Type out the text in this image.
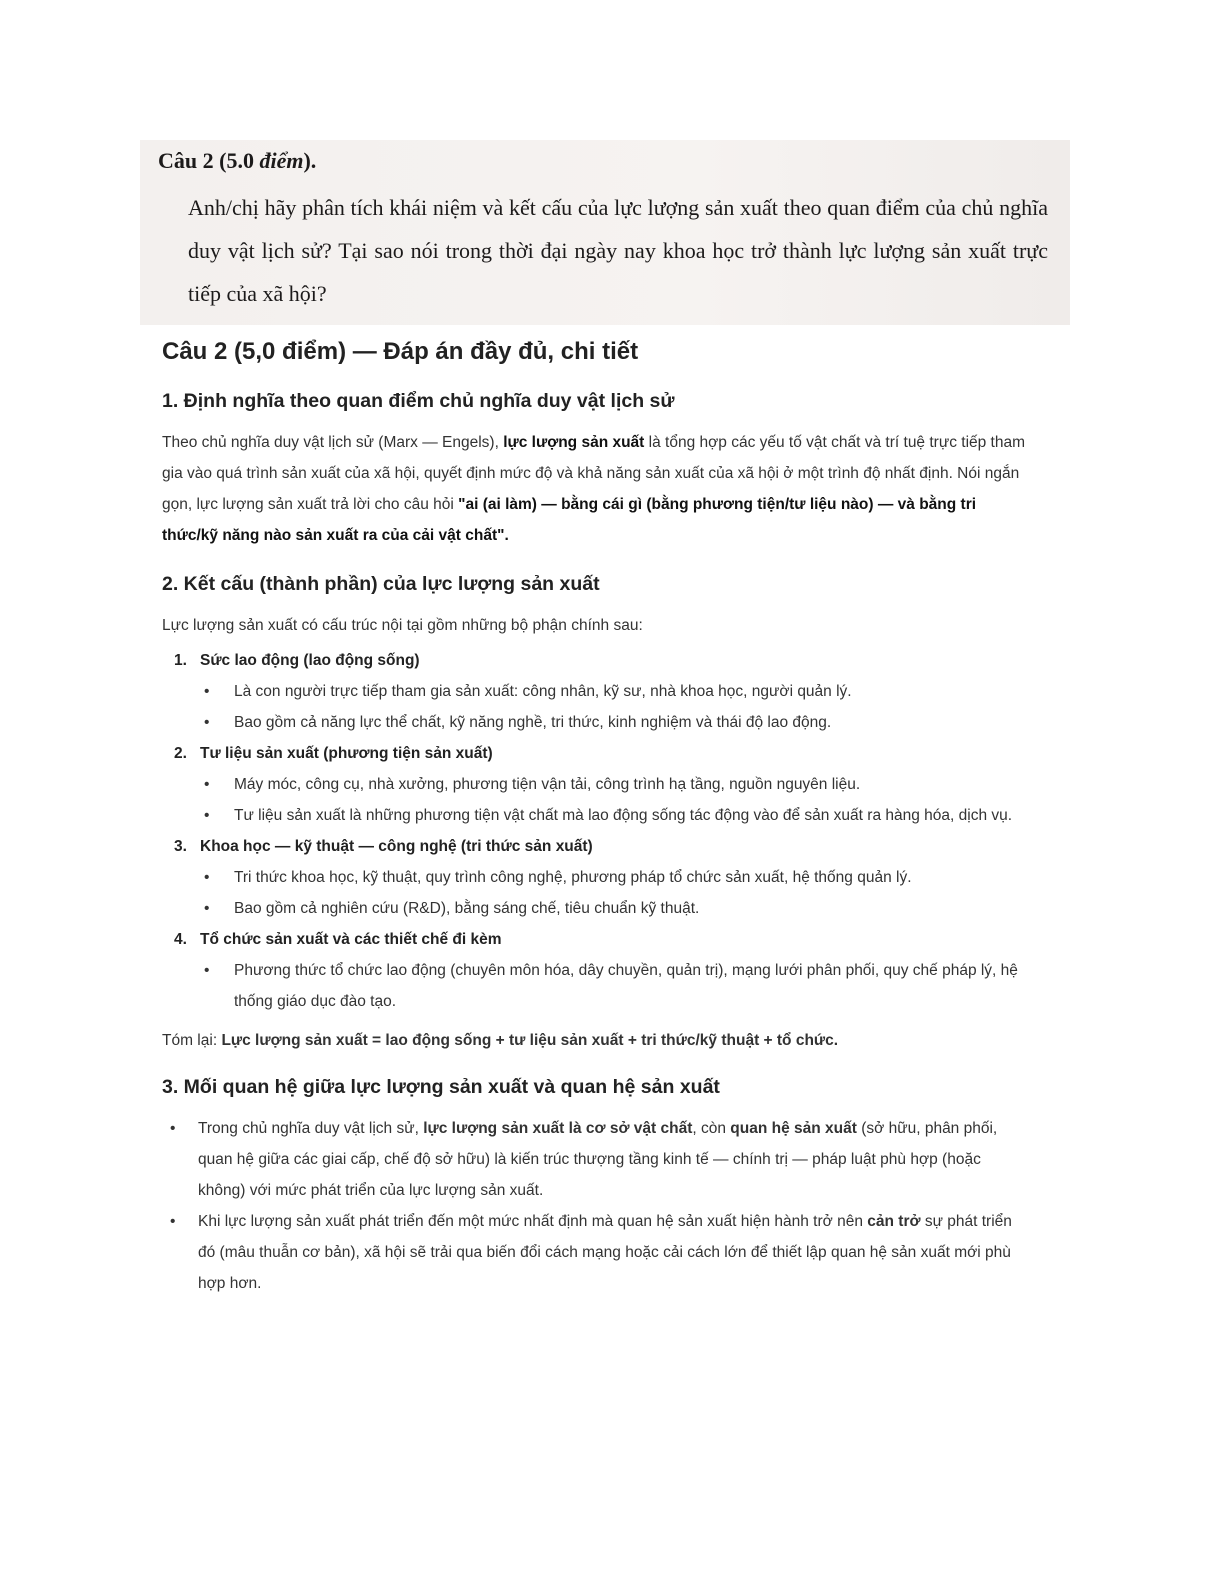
Câu 2 (5.0 điểm).
Anh/chị hãy phân tích khái niệm và kết cấu của lực lượng sản xuất theo quan điểm của chủ nghĩa duy vật lịch sử? Tại sao nói trong thời đại ngày nay khoa học trở thành lực lượng sản xuất trực tiếp của xã hội?
Câu 2 (5,0 điểm) — Đáp án đầy đủ, chi tiết
1. Định nghĩa theo quan điểm chủ nghĩa duy vật lịch sử

Theo chủ nghĩa duy vật lịch sử (Marx — Engels), lực lượng sản xuất là tổng hợp các yếu tố vật chất và trí tuệ trực tiếp tham gia vào quá trình sản xuất của xã hội, quyết định mức độ và khả năng sản xuất của xã hội ở một trình độ nhất định. Nói ngắn gọn, lực lượng sản xuất trả lời cho câu hỏi "ai (ai làm) — bằng cái gì (bằng phương tiện/tư liệu nào) — và bằng tri thức/kỹ năng nào sản xuất ra của cải vật chất".

2. Kết cấu (thành phần) của lực lượng sản xuất

Lực lượng sản xuất có cấu trúc nội tại gồm những bộ phận chính sau:

1. Sức lao động (lao động sống)
• Là con người trực tiếp tham gia sản xuất: công nhân, kỹ sư, nhà khoa học, người quản lý.
• Bao gồm cả năng lực thể chất, kỹ năng nghề, tri thức, kinh nghiệm và thái độ lao động.
2. Tư liệu sản xuất (phương tiện sản xuất)
• Máy móc, công cụ, nhà xưởng, phương tiện vận tải, công trình hạ tầng, nguồn nguyên liệu.
• Tư liệu sản xuất là những phương tiện vật chất mà lao động sống tác động vào để sản xuất ra hàng hóa, dịch vụ.
3. Khoa học — kỹ thuật — công nghệ (tri thức sản xuất)
• Tri thức khoa học, kỹ thuật, quy trình công nghệ, phương pháp tổ chức sản xuất, hệ thống quản lý.
• Bao gồm cả nghiên cứu (R&D), bằng sáng chế, tiêu chuẩn kỹ thuật.
4. Tổ chức sản xuất và các thiết chế đi kèm
• Phương thức tổ chức lao động (chuyên môn hóa, dây chuyền, quản trị), mạng lưới phân phối, quy chế pháp lý, hệ thống giáo dục đào tạo.
Tóm lại: Lực lượng sản xuất = lao động sống + tư liệu sản xuất + tri thức/kỹ thuật + tổ chức.
3. Mối quan hệ giữa lực lượng sản xuất và quan hệ sản xuất
• Trong chủ nghĩa duy vật lịch sử, lực lượng sản xuất là cơ sở vật chất, còn quan hệ sản xuất (sở hữu, phân phối, quan hệ giữa các giai cấp, chế độ sở hữu) là kiến trúc thượng tầng kinh tế — chính trị — pháp luật phù hợp (hoặc không) với mức phát triển của lực lượng sản xuất.
• Khi lực lượng sản xuất phát triển đến một mức nhất định mà quan hệ sản xuất hiện hành trở nên cản trở sự phát triển đó (mâu thuẫn cơ bản), xã hội sẽ trải qua biến đổi cách mạng hoặc cải cách lớn để thiết lập quan hệ sản xuất mới phù hợp hơn.
